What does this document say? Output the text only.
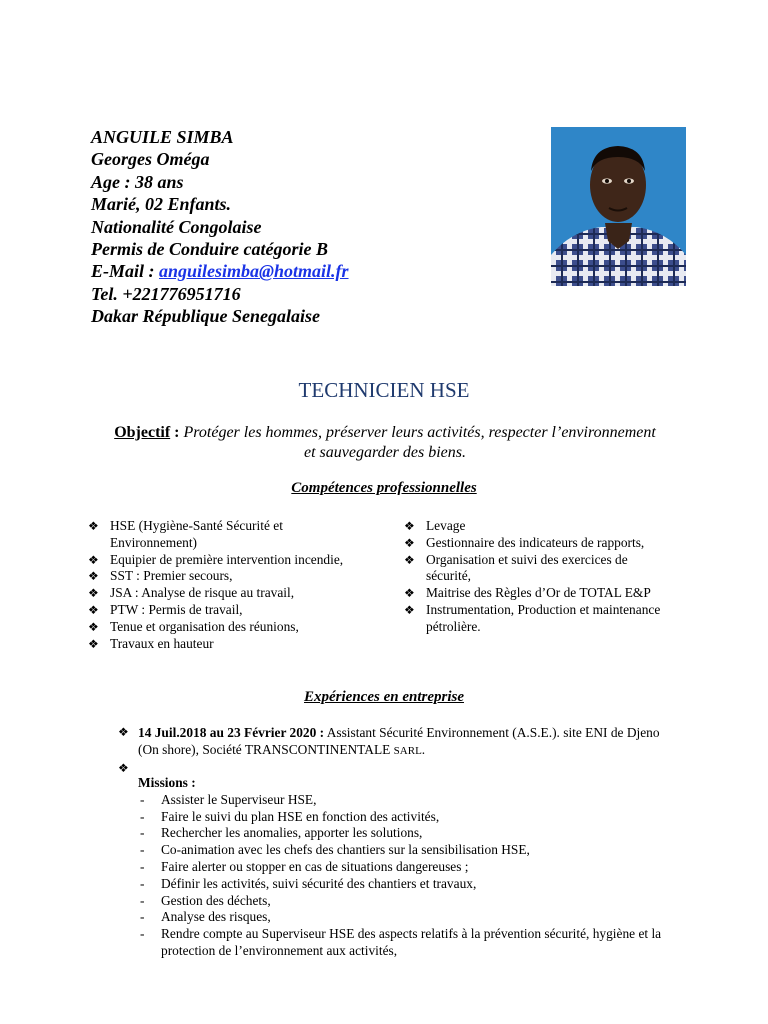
ANGUILE SIMBA
Georges Oméga
Age : 38 ans
Marié, 02 Enfants.
Nationalité Congolaise
Permis de Conduire catégorie B
E-Mail : anguilesimba@hotmail.fr
Tel. +221776951716
Dakar République Senegalaise
TECHNICIEN HSE
Objectif : Protéger les hommes, préserver leurs activités, respecter l’environnement et sauvegarder des biens.
Compétences professionnelles
❖ HSE (Hygiène-Santé Sécurité et Environnement)
❖ Equipier de première intervention incendie,
❖ SST : Premier secours,
❖ JSA : Analyse de risque au travail,
❖ PTW : Permis de travail,
❖ Tenue et organisation des réunions,
❖ Travaux en hauteur
❖ Levage
❖ Gestionnaire des indicateurs de rapports,
❖ Organisation et suivi des exercices de sécurité,
❖ Maitrise des Règles d’Or de TOTAL E&P
❖ Instrumentation, Production et maintenance pétrolière.
Expériences en entreprise
❖ 14 Juil.2018 au 23 Février 2020 : Assistant Sécurité Environnement (A.S.E.). site ENI de Djeno (On shore), Société TRANSCONTINENTALE SARL.
❖

Missions :
- Assister le Superviseur HSE,
- Faire le suivi du plan HSE en fonction des activités,
- Rechercher les anomalies, apporter les solutions,
- Co-animation avec les chefs des chantiers sur la sensibilisation HSE,
- Faire alerter ou stopper en cas de situations dangereuses ;
- Définir les activités, suivi sécurité des chantiers et travaux,
- Gestion des déchets,
- Analyse des risques,
- Rendre compte au Superviseur HSE des aspects relatifs à la prévention sécurité, hygiène et la protection de l’environnement aux activités,
